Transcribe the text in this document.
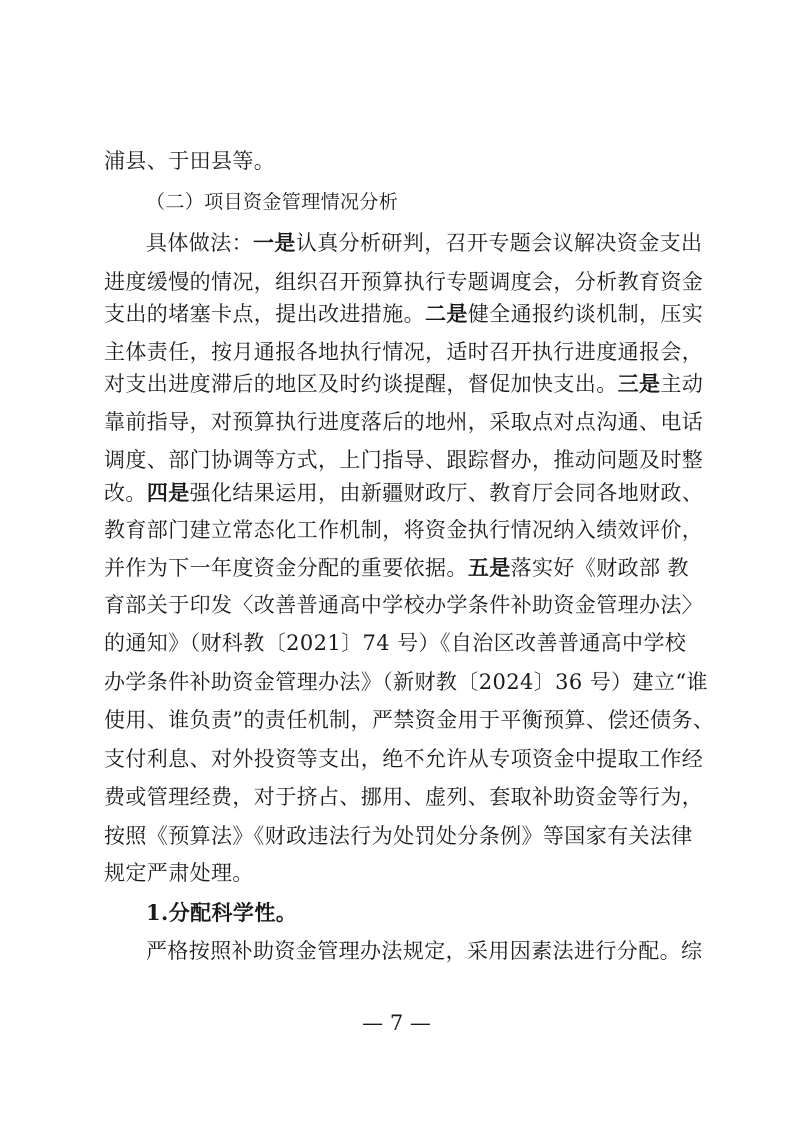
浦县、于田县等。
（二）项目资金管理情况分析
具体做法：一是认真分析研判，召开专题会议解决资金支出
进度缓慢的情况，组织召开预算执行专题调度会，分析教育资金
支出的堵塞卡点，提出改进措施。二是健全通报约谈机制，压实
主体责任，按月通报各地执行情况，适时召开执行进度通报会，
对支出进度滞后的地区及时约谈提醒，督促加快支出。三是主动
靠前指导，对预算执行进度落后的地州，采取点对点沟通、电话
调度、部门协调等方式，上门指导、跟踪督办，推动问题及时整
改。四是强化结果运用，由新疆财政厅、教育厅会同各地财政、
教育部门建立常态化工作机制，将资金执行情况纳入绩效评价，
并作为下一年度资金分配的重要依据。五是落实好《财政部 教
育部关于印发〈改善普通高中学校办学条件补助资金管理办法〉
的通知》（财科教〔2021〕74 号）《自治区改善普通高中学校
办学条件补助资金管理办法》（新财教〔2024〕36 号）建立“谁
使用、谁负责”的责任机制，严禁资金用于平衡预算、偿还债务、
支付利息、对外投资等支出，绝不允许从专项资金中提取工作经
费或管理经费，对于挤占、挪用、虚列、套取补助资金等行为，
按照《预算法》《财政违法行为处罚处分条例》等国家有关法律
规定严肃处理。
1.分配科学性。
严格按照补助资金管理办法规定，采用因素法进行分配。综
— 7 —
